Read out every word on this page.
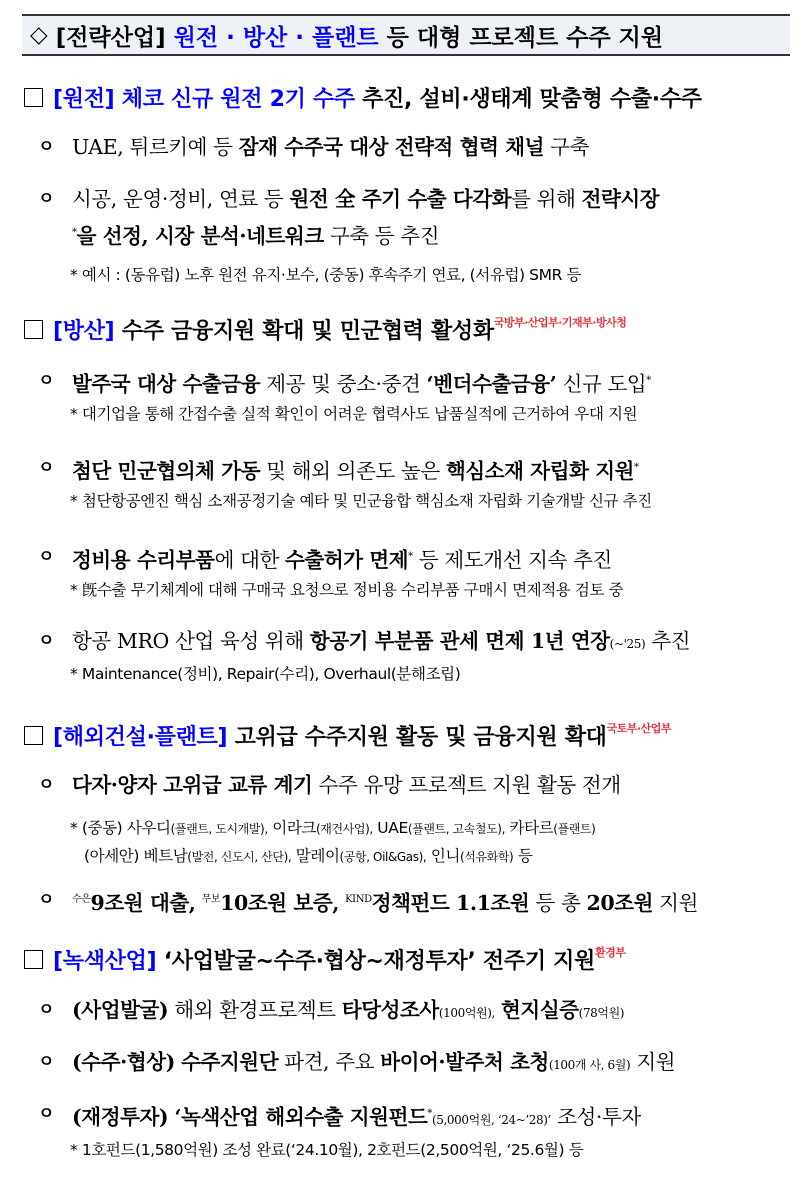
◇ [전략산업]
원전 · 방산 · 플랜트
등 대형 프로젝트 수주 지원
[원전]
체코 신규 원전 2기 수주
추진, 설비·생태계 맞춤형 수출·수주
ㅇ UAE, 튀르키예 등 잠재 수주국 대상 전략적 협력 채널 구축
ㅇ 시공, 운영·정비, 연료 등 원전 全 주기 수출 다각화를 위해 전략시장
*을 선정, 시장 분석·네트워크 구축 등 추진
* 예시 : (동유럽) 노후 원전 유지·보수, (중동) 후속주기 연료, (서유럽) SMR 등
[방산]
수주 금융지원 확대 및 민군협력 활성화 국방부·산업부·기재부·방사청
ㅇ 발주국 대상 수출금융 제공 및 중소·중견 ‘벤더수출금융’ 신규 도입*
* 대기업을 통해 간접수출 실적 확인이 어려운 협력사도 납품실적에 근거하여 우대 지원
ㅇ 첨단 민군협의체 가동 및 해외 의존도 높은 핵심소재 자립화 지원*
* 첨단항공엔진 핵심 소재공정기술 예타 및 민군융합 핵심소재 자립화 기술개발 신규 추진
ㅇ 정비용 수리부품에 대한 수출허가 면제* 등 제도개선 지속 추진
* 旣수출 무기체계에 대해 구매국 요청으로 정비용 수리부품 구매시 면제적용 검토 중
ㅇ 항공 MRO 산업 육성 위해 항공기 부분품 관세 면제 1년 연장(~'25) 추진
* Maintenance(정비), Repair(수리), Overhaul(분해조립)
[해외건설·플랜트]
고위급 수주지원 활동 및 금융지원 확대 국토부·산업부
ㅇ 다자·양자 고위급 교류 계기 수주 유망 프로젝트 지원 활동 전개
* (중동) 사우디(플랜트, 도시개발), 이라크(재건사업), UAE(플랜트, 고속철도), 카타르(플랜트)
(아세안) 베트남(발전, 신도시, 산단), 말레이(공항, Oil&Gas), 인니(석유화학) 등
ㅇ $^{수은}$9조원 대출, $^{무보}$10조원 보증, $^{KIND}$정책펀드 1.1조원 등 총 20조원 지원
[녹색산업]
‘사업발굴~수주·협상~재정투자’ 전주기 지원 환경부
ㅇ (사업발굴) 해외 환경프로젝트 타당성조사(100억원), 현지실증(78억원)
ㅇ (수주·협상) 수주지원단 파견, 주요 바이어·발주처 초청(100개 사, 6월) 지원
ㅇ (재정투자) ‘녹색산업 해외수출 지원펀드*(5,000억원, ‘24~’28)’ 조성·투자
* 1호펀드(1,580억원) 조성 완료(‘24.10월), 2호펀드(2,500억원, ‘25.6월) 등
